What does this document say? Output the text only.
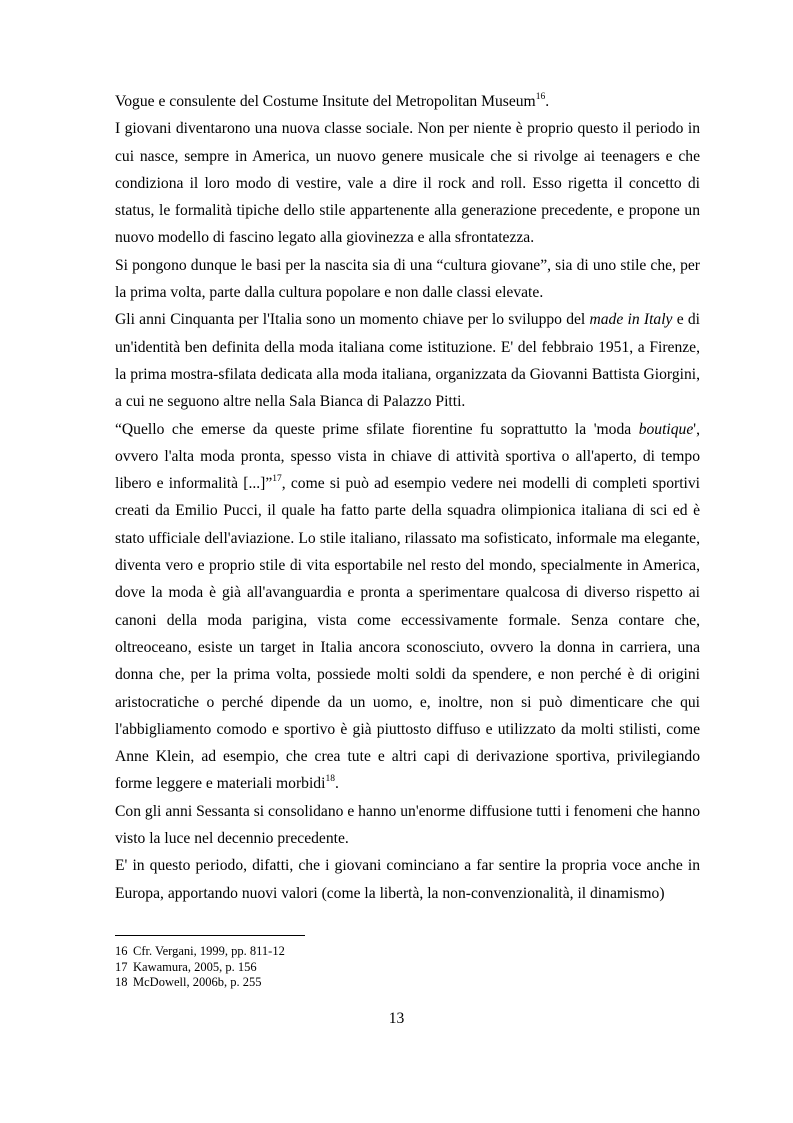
Vogue e consulente del Costume Insitute del Metropolitan Museum$^{16}$.

I giovani diventarono una nuova classe sociale. Non per niente è proprio questo il periodo in cui nasce, sempre in America, un nuovo genere musicale che si rivolge ai teenagers e che condiziona il loro modo di vestire, vale a dire il rock and roll. Esso rigetta il concetto di status, le formalità tipiche dello stile appartenente alla generazione precedente, e propone un nuovo modello di fascino legato alla giovinezza e alla sfrontatezza.

Si pongono dunque le basi per la nascita sia di una “cultura giovane”, sia di uno stile che, per la prima volta, parte dalla cultura popolare e non dalle classi elevate.

Gli anni Cinquanta per l'Italia sono un momento chiave per lo sviluppo del made in Italy e di un'identità ben definita della moda italiana come istituzione. E' del febbraio 1951, a Firenze, la prima mostra-sfilata dedicata alla moda italiana, organizzata da Giovanni Battista Giorgini, a cui ne seguono altre nella Sala Bianca di Palazzo Pitti.

“Quello che emerse da queste prime sfilate fiorentine fu soprattutto la 'moda boutique', ovvero l'alta moda pronta, spesso vista in chiave di attività sportiva o all'aperto, di tempo libero e informalità [...]”$^{17}$, come si può ad esempio vedere nei modelli di completi sportivi creati da Emilio Pucci, il quale ha fatto parte della squadra olimpionica italiana di sci ed è stato ufficiale dell'aviazione. Lo stile italiano, rilassato ma sofisticato, informale ma elegante, diventa vero e proprio stile di vita esportabile nel resto del mondo, specialmente in America, dove la moda è già all'avanguardia e pronta a sperimentare qualcosa di diverso rispetto ai canoni della moda parigina, vista come eccessivamente formale. Senza contare che, oltreoceano, esiste un target in Italia ancora sconosciuto, ovvero la donna in carriera, una donna che, per la prima volta, possiede molti soldi da spendere, e non perché è di origini aristocratiche o perché dipende da un uomo, e, inoltre, non si può dimenticare che qui l'abbigliamento comodo e sportivo è già piuttosto diffuso e utilizzato da molti stilisti, come Anne Klein, ad esempio, che crea tute e altri capi di derivazione sportiva, privilegiando forme leggere e materiali morbidi$^{18}$.

Con gli anni Sessanta si consolidano e hanno un'enorme diffusione tutti i fenomeni che hanno visto la luce nel decennio precedente.

E' in questo periodo, difatti, che i giovani cominciano a far sentire la propria voce anche in Europa, apportando nuovi valori (come la libertà, la non-convenzionalità, il dinamismo)

16 Cfr. Vergani, 1999, pp. 811-12

17 Kawamura, 2005, p. 156

18 McDowell, 2006b, p. 255

13
